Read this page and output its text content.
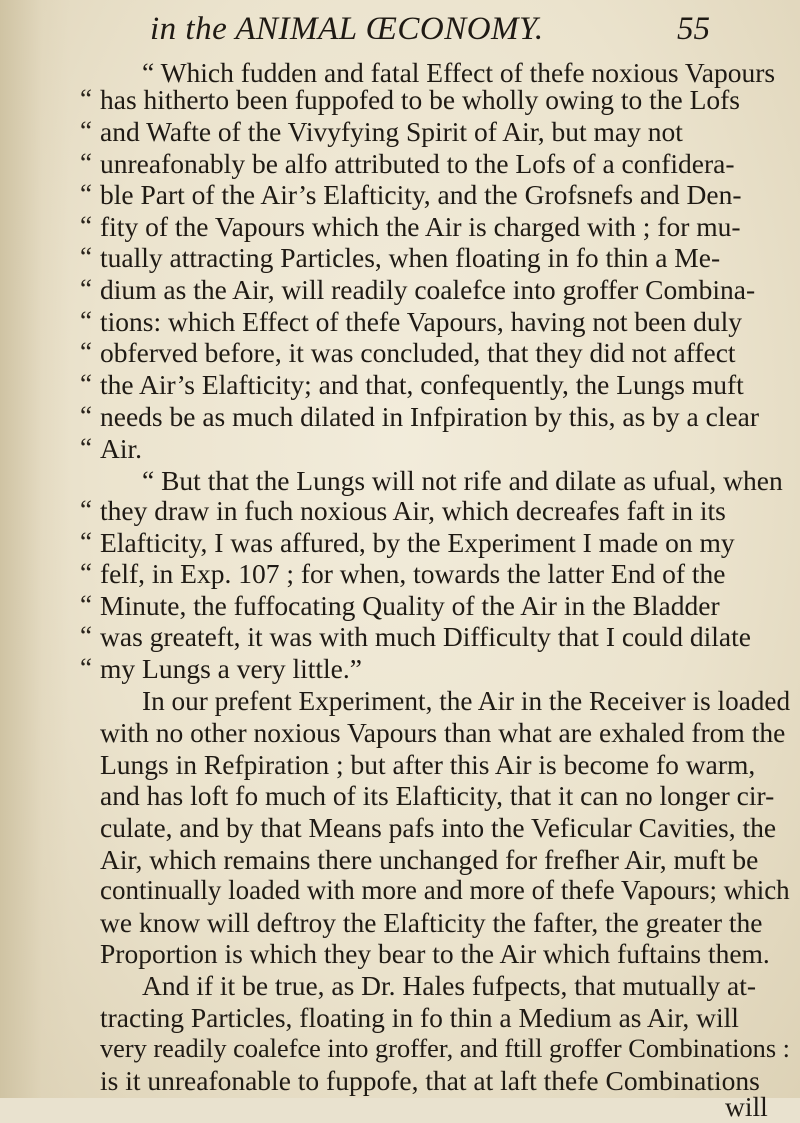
in the ANIMAL ŒCONOMY.	55
“ Which fudden and fatal Effect of thefe noxious Vapours
“ has hitherto been fuppofed to be wholly owing to the Lofs
“ and Wafte of the Vivyfying Spirit of Air, but may not
“ unreafonably be alfo attributed to the Lofs of a confidera-
“ ble Part of the Air’s Elafticity, and the Grofsnefs and Den-
“ fity of the Vapours which the Air is charged with ; for mu-
“ tually attracting Particles, when floating in fo thin a Me-
“ dium as the Air, will readily coalefce into groffer Combina-
“ tions: which Effect of thefe Vapours, having not been duly
“ obferved before, it was concluded, that they did not affect
“ the Air’s Elafticity; and that, confequently, the Lungs muft
“ needs be as much dilated in Infpiration by this, as by a clear
“ Air.
“ But that the Lungs will not rife and dilate as ufual, when
“ they draw in fuch noxious Air, which decreafes faft in its
“ Elafticity, I was affured, by the Experiment I made on my
“ felf, in Exp. 107 ; for when, towards the latter End of the
“ Minute, the fuffocating Quality of the Air in the Bladder
“ was greateft, it was with much Difficulty that I could dilate
“ my Lungs a very little.”
In our prefent Experiment, the Air in the Receiver is loaded
with no other noxious Vapours than what are exhaled from the
Lungs in Refpiration ; but after this Air is become fo warm,
and has loft fo much of its Elafticity, that it can no longer cir-
culate, and by that Means pafs into the Veficular Cavities, the
Air, which remains there unchanged for frefher Air, muft be
continually loaded with more and more of thefe Vapours; which
we know will deftroy the Elafticity the fafter, the greater the
Proportion is which they bear to the Air which fuftains them.
And if it be true, as Dr. Hales fufpects, that mutually at-
tracting Particles, floating in fo thin a Medium as Air, will
very readily coalefce into groffer, and ftill groffer Combinations :
is it unreafonable to fuppofe, that at laft thefe Combinations
will
